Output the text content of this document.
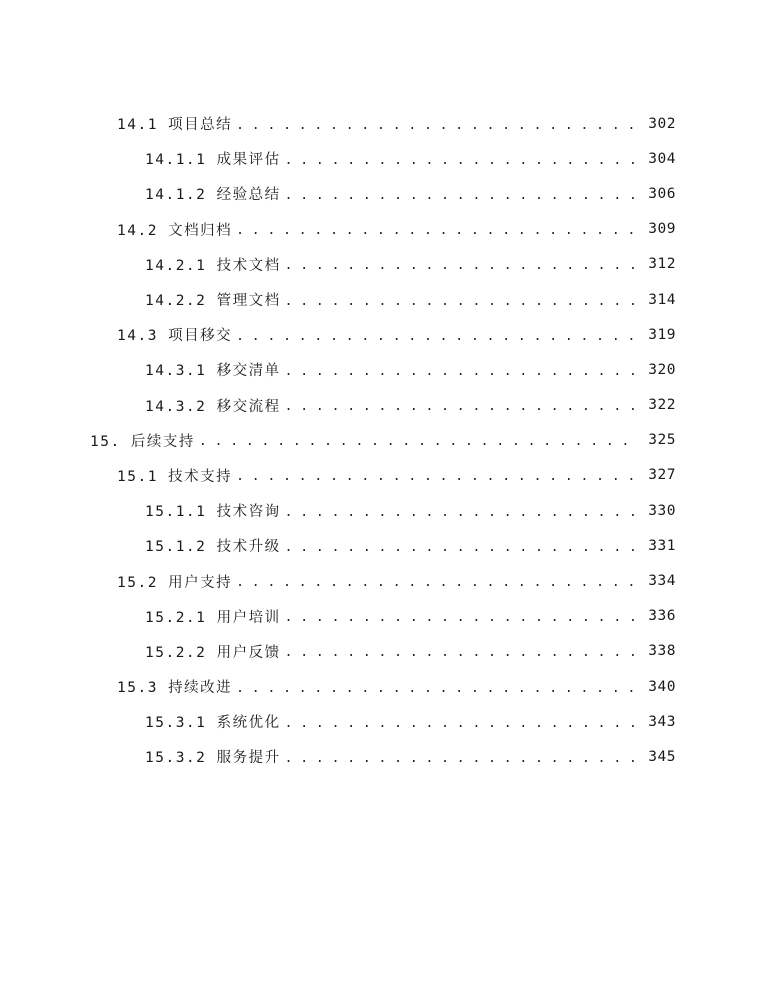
14.1 项目总结 . . .	302
14.1.1 成果评估 . . .	304
14.1.2 经验总结 . . .	306
14.2 文档归档 . . .	309
14.2.1 技术文档 . . .	312
14.2.2 管理文档 . . .	314
14.3 项目移交 . . .	319
14.3.1 移交清单 . . .	320
14.3.2 移交流程 . . .	322
15. 后续支持 . . .	325
15.1 技术支持 . . .	327
15.1.1 技术咨询 . . .	330
15.1.2 技术升级 . . .	331
15.2 用户支持 . . .	334
15.2.1 用户培训 . . .	336
15.2.2 用户反馈 . . .	338
15.3 持续改进 . . .	340
15.3.1 系统优化 . . .	343
15.3.2 服务提升 . . .	345
